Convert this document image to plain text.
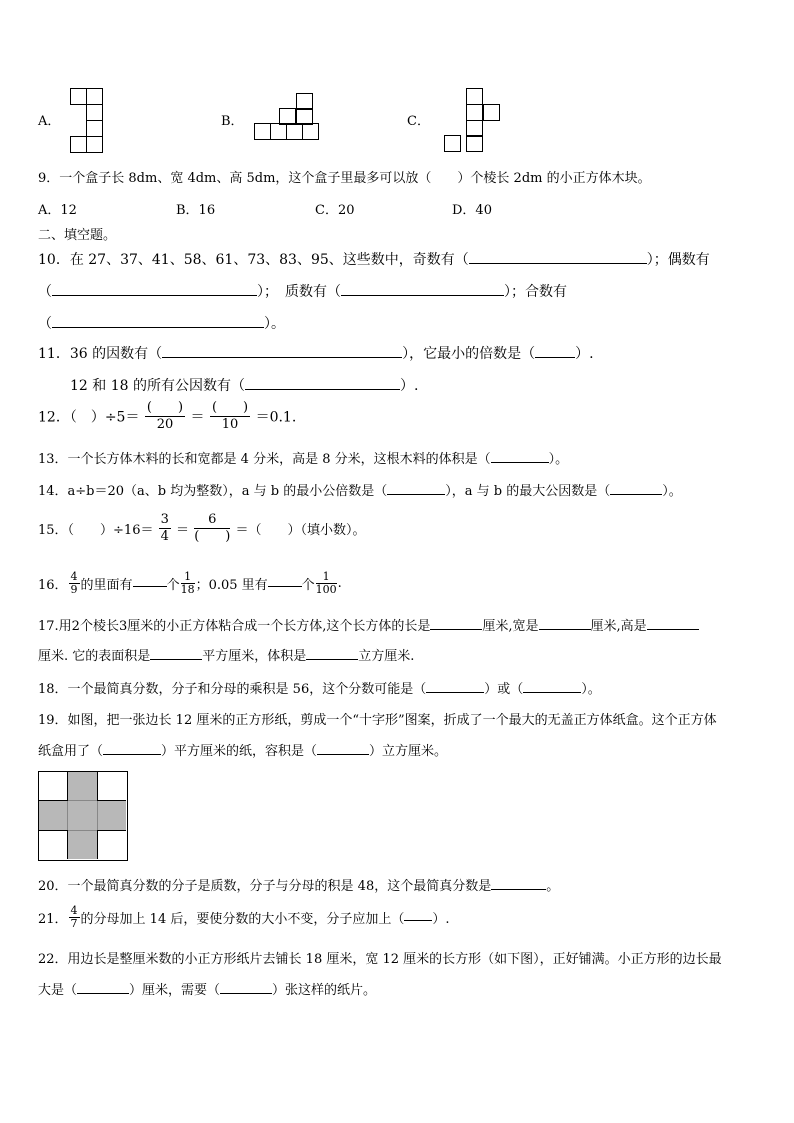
A．	B．	C．
9．一个盒子长 8dm、宽 4dm、高 5dm，这个盒子里最多可以放（　　）个棱长 2dm 的小正方体木块。
A．12	B．16	C．20	D．40
二、填空题。
10．在 27、37、41、58、61、73、83、95、这些数中，奇数有（	）；偶数有
（	）；　质数有（	）；合数有
（	）。
11．36 的因数有（	），它最小的倍数是（	）.
12 和 18 的所有公因数有（	）.
12．（　）$\div 5= \frac{( )}{20} = \frac{( )}{10} =0.1$.
13．一个长方体木料的长和宽都是 4 分米，高是 8 分米，这根木料的体积是（	）。
14．a÷b＝20（a、b 均为整数），a 与 b 的最小公倍数是（	），a 与 b 的最大公因数是（	）。
15．（　　）$\div 16= \frac{3}{4} = \frac{6}{( )}$ ＝（　　）（填小数）。
16． $\frac{4}{9}$ 的里面有	个 $\frac{1}{18}$ ；0.05 里有	个 $\frac{1}{100}$ .
17.用2个棱长3厘米的小正方体粘合成一个长方体,这个长方体的长是	厘米,宽是	厘米,高是
厘米. 它的表面积是	平方厘米，体积是	立方厘米.
18．一个最简真分数，分子和分母的乘积是 56，这个分数可能是（	）或（	）。
19．如图，把一张边长 12 厘米的正方形纸，剪成一个“十字形”图案，折成了一个最大的无盖正方体纸盒。这个正方体
纸盒用了（	）平方厘米的纸，容积是（	）立方厘米。
20．一个最简真分数的分子是质数，分子与分母的积是 48，这个最简真分数是	。
21． $\frac{4}{7}$ 的分母加上 14 后，要使分数的大小不变，分子应加上（ ）.
22．用边长是整厘米数的小正方形纸片去铺长 18 厘米，宽 12 厘米的长方形（如下图），正好铺满。小正方形的边长最
大是（	）厘米，需要（	）张这样的纸片。
